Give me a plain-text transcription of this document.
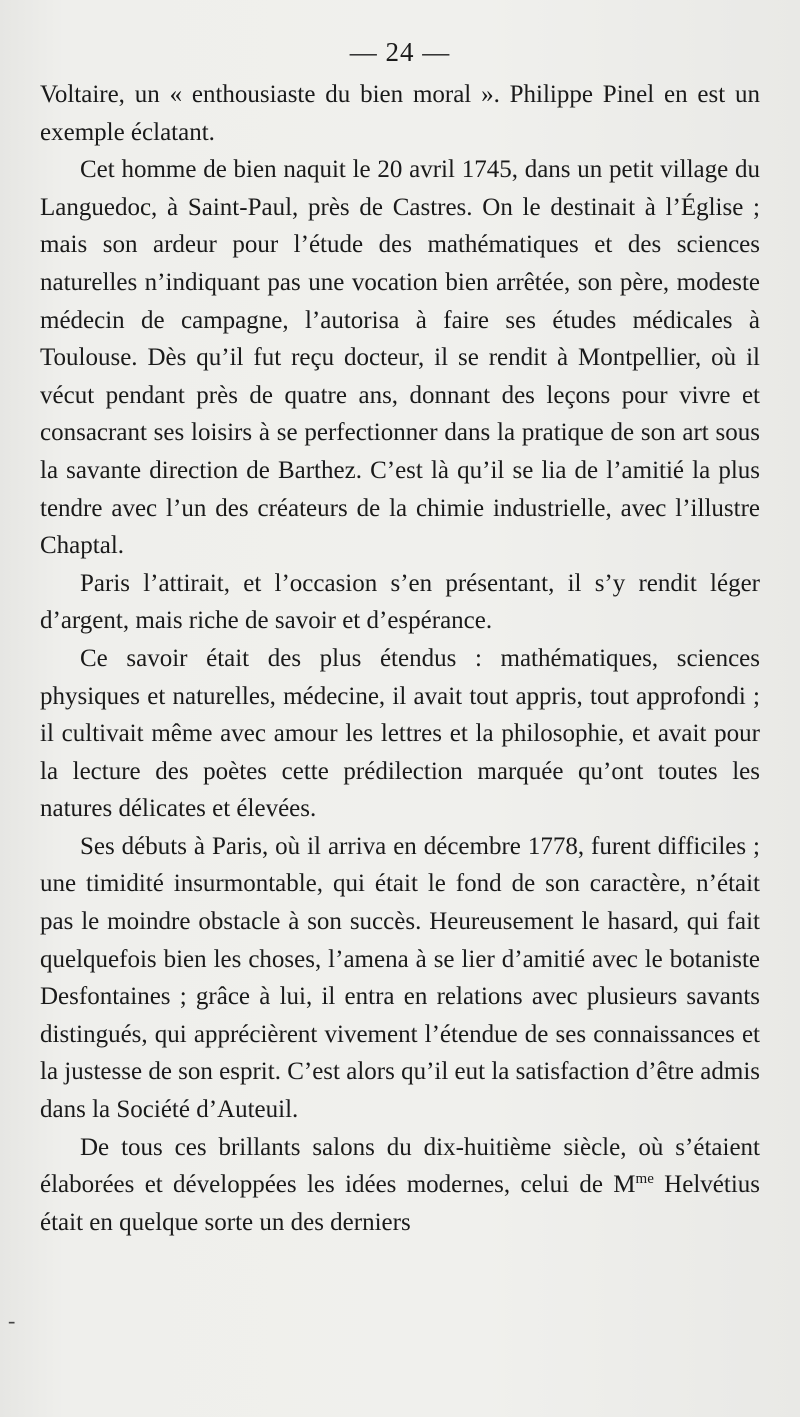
— 24 —

Voltaire, un « enthousiaste du bien moral ». Philippe Pinel en est un exemple éclatant.

Cet homme de bien naquit le 20 avril 1745, dans un petit village du Languedoc, à Saint-Paul, près de Castres. On le destinait à l’Église ; mais son ardeur pour l’étude des mathématiques et des sciences naturelles n’indiquant pas une vocation bien arrêtée, son père, modeste médecin de campagne, l’autorisa à faire ses études médicales à Toulouse. Dès qu’il fut reçu docteur, il se rendit à Montpellier, où il vécut pendant près de quatre ans, donnant des leçons pour vivre et consacrant ses loisirs à se perfectionner dans la pratique de son art sous la savante direction de Barthez. C’est là qu’il se lia de l’amitié la plus tendre avec l’un des créateurs de la chimie industrielle, avec l’illustre Chaptal.

Paris l’attirait, et l’occasion s’en présentant, il s’y rendit léger d’argent, mais riche de savoir et d’espérance.

Ce savoir était des plus étendus : mathématiques, sciences physiques et naturelles, médecine, il avait tout appris, tout approfondi ; il cultivait même avec amour les lettres et la philosophie, et avait pour la lecture des poètes cette prédilection marquée qu’ont toutes les natures délicates et élevées.

Ses débuts à Paris, où il arriva en décembre 1778, furent difficiles ; une timidité insurmontable, qui était le fond de son caractère, n’était pas le moindre obstacle à son succès. Heureusement le hasard, qui fait quelquefois bien les choses, l’amena à se lier d’amitié avec le botaniste Desfontaines ; grâce à lui, il entra en relations avec plusieurs savants distingués, qui apprécièrent vivement l’étendue de ses connaissances et la justesse de son esprit. C’est alors qu’il eut la satisfaction d’être admis dans la Société d’Auteuil.

De tous ces brillants salons du dix-huitième siècle, où s’étaient élaborées et développées les idées modernes, celui de $M^{me}$ Helvétius était en quelque sorte un des derniers

-
